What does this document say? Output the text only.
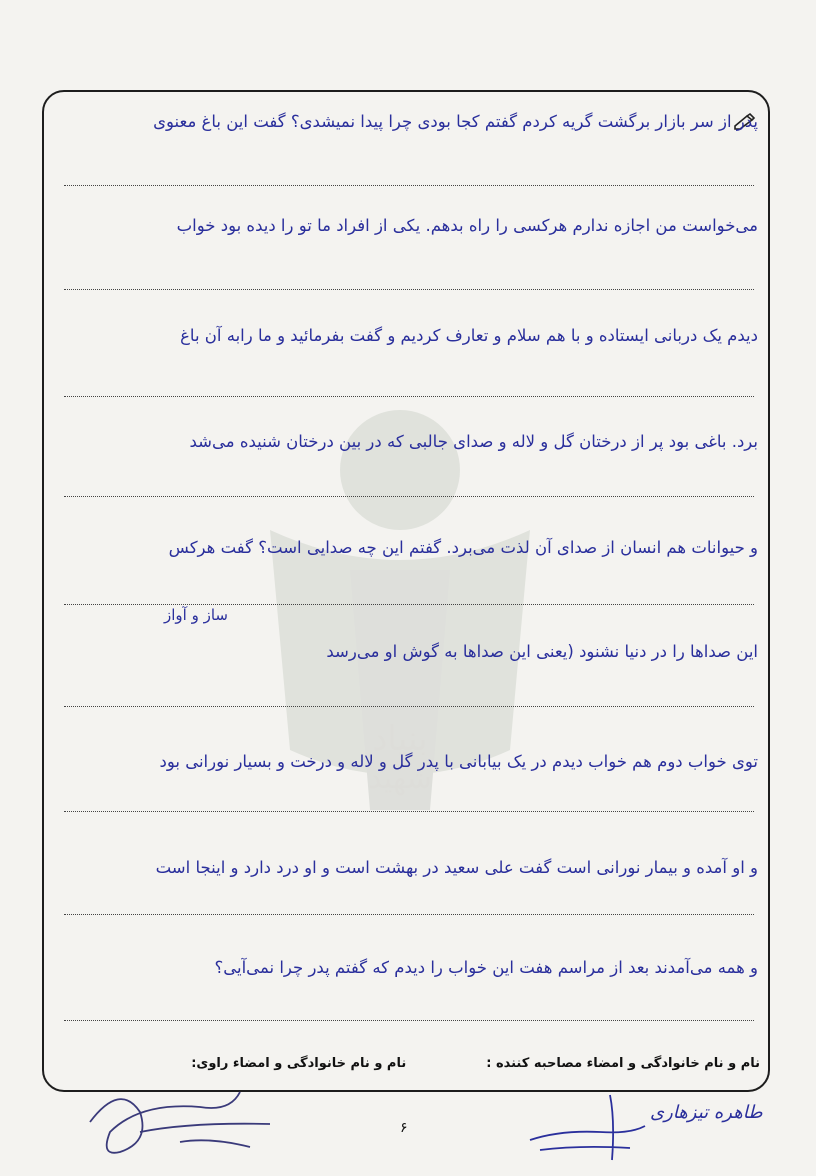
بنیاد
شهید
پدر از سر بازار برگشت گریه کردم گفتم کجا بودی چرا پیدا نمیشدی؟ گفت این باغ معنوی
می‌خواست من اجازه ندارم هرکسی را راه بدهم. یکی از افراد ما تو را دیده بود خواب
دیدم یک دربانی ایستاده و با هم سلام و تعارف کردیم و گفت بفرمائید و ما رابه آن باغ
برد. باغی بود پر از درختان گل و لاله و صدای جالبی که در بین درختان شنیده می‌شد
و حیوانات هم انسان از صدای آن لذت می‌برد. گفتم این چه صدایی است؟ گفت هرکس
ساز و آواز
این صداها را در دنیا نشنود (یعنی این صداها به گوش او می‌رسد
توی خواب دوم هم خواب دیدم در یک بیابانی با پدر گل و لاله و درخت و بسیار نورانی بود
و او آمده و بیمار نورانی است گفت علی سعید در بهشت است و او درد دارد و اینجا است
و همه می‌آمدند بعد از مراسم هفت این خواب را دیدم که گفتم پدر چرا نمی‌آیی؟
نام و نام خانوادگی و امضاء مصاحبه کننده :
نام و نام خانوادگی و امضاء راوی:
۶
طاهره تیزهاری
